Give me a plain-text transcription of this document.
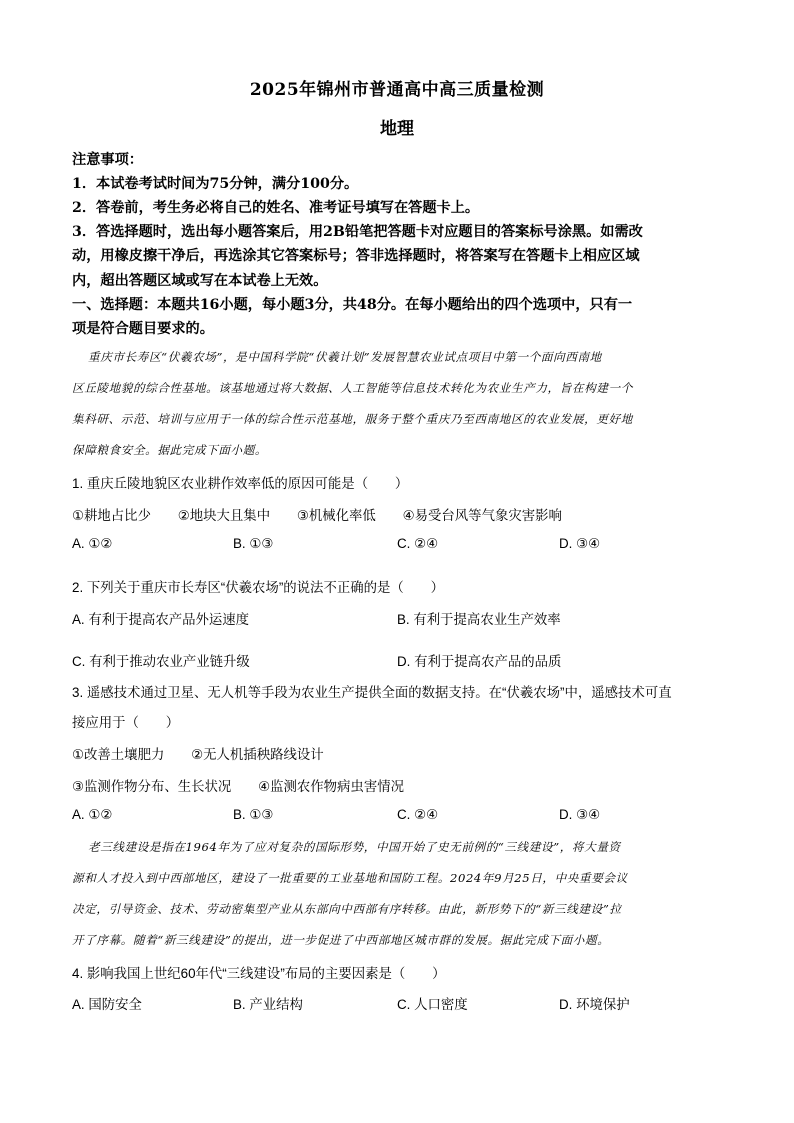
2025年锦州市普通高中高三质量检测
地理
注意事项：
1．本试卷考试时间为75分钟，满分100分。
2．答卷前，考生务必将自己的姓名、准考证号填写在答题卡上。
3．答选择题时，选出每小题答案后，用2B铅笔把答题卡对应题目的答案标号涂黑。如需改
动，用橡皮擦干净后，再选涂其它答案标号；答非选择题时，将答案写在答题卡上相应区域
内，超出答题区域或写在本试卷上无效。
一、选择题：本题共16小题，每小题3分，共48分。在每小题给出的四个选项中，只有一
项是符合题目要求的。
重庆市长寿区“伏羲农场”，是中国科学院“伏羲计划”发展智慧农业试点项目中第一个面向西南地
区丘陵地貌的综合性基地。该基地通过将大数据、人工智能等信息技术转化为农业生产力，旨在构建一个
集科研、示范、培训与应用于一体的综合性示范基地，服务于整个重庆乃至西南地区的农业发展，更好地
保障粮食安全。据此完成下面小题。
1. 重庆丘陵地貌区农业耕作效率低的原因可能是（　　）
①耕地占比少　　②地块大且集中　　③机械化率低　　④易受台风等气象灾害影响
A. ①②	B. ①③	C. ②④	D. ③④
2. 下列关于重庆市长寿区“伏羲农场”的说法不正确的是（　　）
A. 有利于提高农产品外运速度	B. 有利于提高农业生产效率
C. 有利于推动农业产业链升级	D. 有利于提高农产品的品质
3. 遥感技术通过卫星、无人机等手段为农业生产提供全面的数据支持。在“伏羲农场”中，遥感技术可直
接应用于（　　）
①改善土壤肥力　　②无人机插秧路线设计
③监测作物分布、生长状况　　④监测农作物病虫害情况
A. ①②	B. ①③	C. ②④	D. ③④
老三线建设是指在1964年为了应对复杂的国际形势，中国开始了史无前例的“三线建设”，将大量资
源和人才投入到中西部地区，建设了一批重要的工业基地和国防工程。2024年9月25日，中央重要会议
决定，引导资金、技术、劳动密集型产业从东部向中西部有序转移。由此，新形势下的“新三线建设”拉
开了序幕。随着“新三线建设”的提出，进一步促进了中西部地区城市群的发展。据此完成下面小题。
4. 影响我国上世纪60年代“三线建设”布局的主要因素是（　　）
A. 国防安全	B. 产业结构	C. 人口密度	D. 环境保护
